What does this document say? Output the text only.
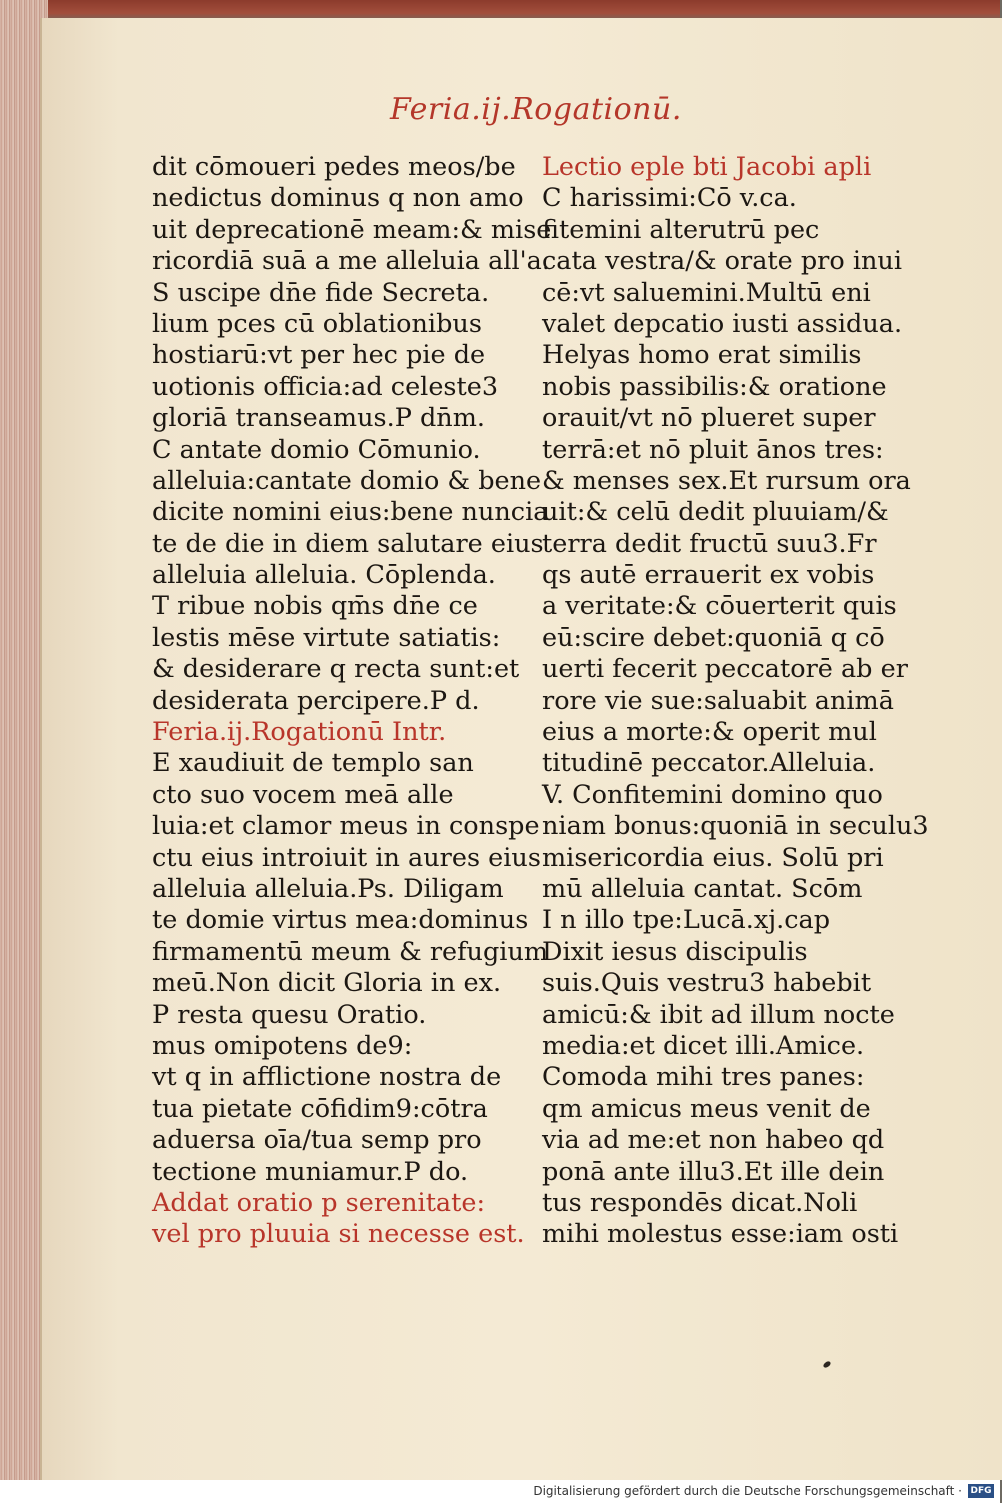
Feria.ij.Rogationū.
dit cōmoueri pedes meos/be
nedictus dominus q non amo
uit deprecationē meam:& mise
ricordiā suā a me alleluia all'a.
S uscipe dn̄e fide Secreta.
lium pces cū oblationibus
hostiarū:vt per hec pie de
uotionis officia:ad celeste3
gloriā transeamus.P dn̄m.
C antate domio Cōmunio.
alleluia:cantate domio & bene
dicite nomini eius:bene nuncia
te de die in diem salutare eius
alleluia alleluia. Cōplenda.
T ribue nobis qm̄s dn̄e ce
lestis mēse virtute satiatis:
& desiderare q recta sunt:et
desiderata percipere.P d.
Feria.ij.Rogationū Intr.
E xaudiuit de templo san
cto suo vocem meā alle
luia:et clamor meus in conspe
ctu eius introiuit in aures eius
alleluia alleluia.Ps. Diligam
te domie virtus mea:dominus
firmamentū meum & refugium
meū.Non dicit Gloria in ex.
P resta quesu Oratio.
mus omipotens de9:
vt q in afflictione nostra de
tua pietate cōfidim9:cōtra
aduersa oīa/tua semp pro
tectione muniamur.P do.
Addat oratio p serenitate:
vel pro pluuia si necesse est.
Lectio eple bti Jacobi apli
C harissimi:Cō v.ca.
fitemini alterutrū pec
cata vestra/& orate pro inui
cē:vt saluemini.Multū eni
valet depcatio iusti assidua.
Helyas homo erat similis
nobis passibilis:& oratione
orauit/vt nō plueret super
terrā:et nō pluit ānos tres:
& menses sex.Et rursum ora
uit:& celū dedit pluuiam/&
terra dedit fructū suu3.Fr
qs autē errauerit ex vobis
a veritate:& cōuerterit quis
eū:scire debet:quoniā q cō
uerti fecerit peccatorē ab er
rore vie sue:saluabit animā
eius a morte:& operit mul
titudinē peccator.Alleluia.
V. Confitemini domino quo
niam bonus:quoniā in seculu3
misericordia eius. Solū pri
mū alleluia cantat. Scōm
I n illo tpe:Lucā.xj.cap
Dixit iesus discipulis
suis.Quis vestru3 habebit
amicū:& ibit ad illum nocte
media:et dicet illi.Amice.
Comoda mihi tres panes:
qm amicus meus venit de
via ad me:et non habeo qd
ponā ante illu3.Et ille dein
tus respondēs dicat.Noli
mihi molestus esse:iam osti
Digitalisierung gefördert durch die Deutsche Forschungsgemeinschaft · DFG
